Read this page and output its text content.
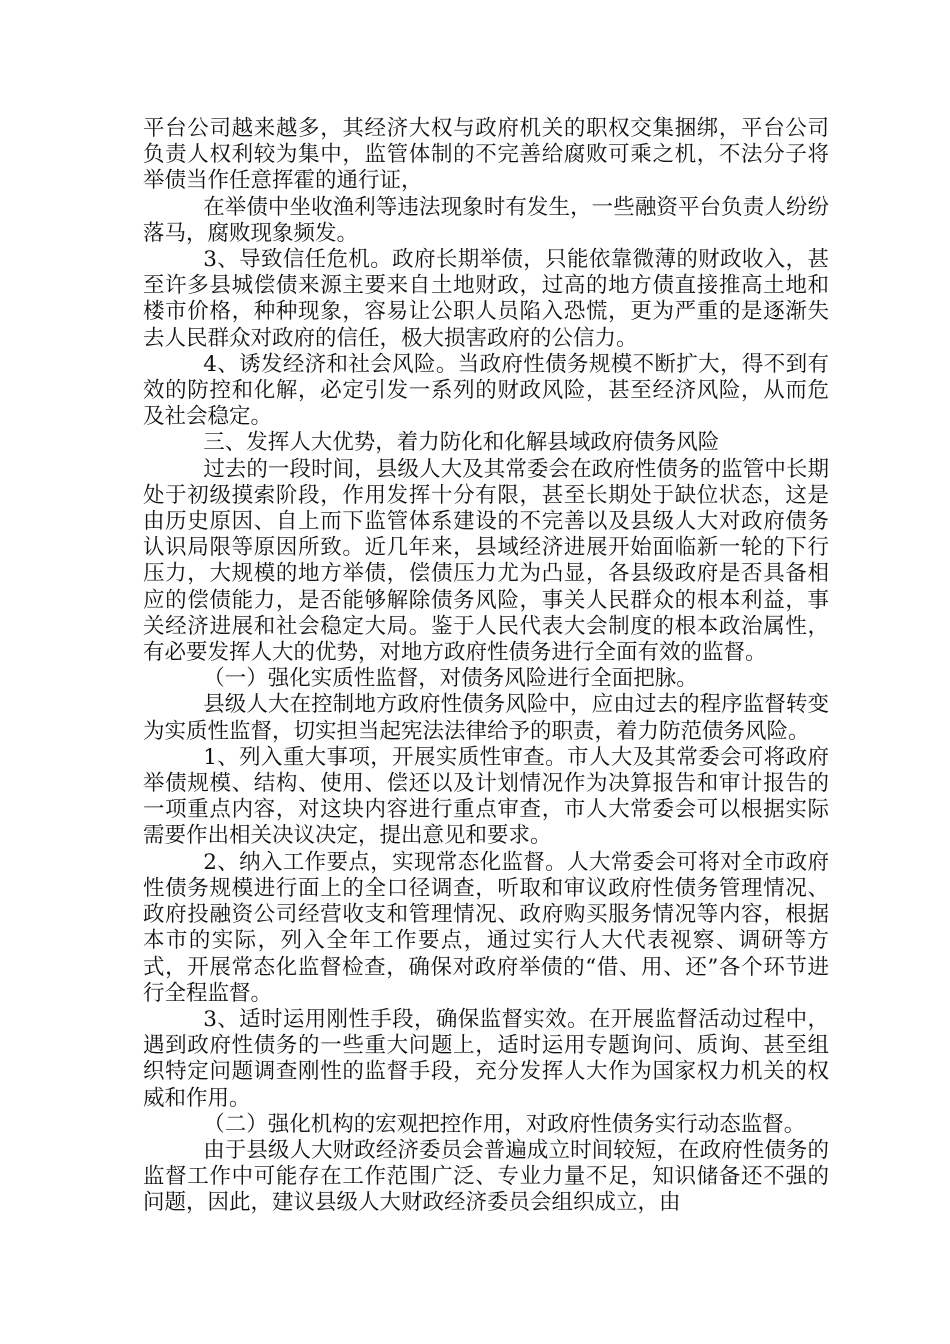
平台公司越来越多，其经济大权与政府机关的职权交集捆绑，平台公司负责人权利较为集中，监管体制的不完善给腐败可乘之机，不法分子将举债当作任意挥霍的通行证，

在举债中坐收渔利等违法现象时有发生，一些融资平台负责人纷纷落马，腐败现象频发。

3、导致信任危机。政府长期举债，只能依靠微薄的财政收入，甚至许多县城偿债来源主要来自土地财政，过高的地方债直接推高土地和楼市价格，种种现象，容易让公职人员陷入恐慌，更为严重的是逐渐失去人民群众对政府的信任，极大损害政府的公信力。

4、诱发经济和社会风险。当政府性债务规模不断扩大，得不到有效的防控和化解，必定引发一系列的财政风险，甚至经济风险，从而危及社会稳定。

三、发挥人大优势，着力防化和化解县域政府债务风险

过去的一段时间，县级人大及其常委会在政府性债务的监管中长期处于初级摸索阶段，作用发挥十分有限，甚至长期处于缺位状态，这是由历史原因、自上而下监管体系建设的不完善以及县级人大对政府债务认识局限等原因所致。近几年来，县域经济进展开始面临新一轮的下行压力，大规模的地方举债，偿债压力尤为凸显，各县级政府是否具备相应的偿债能力，是否能够解除债务风险，事关人民群众的根本利益，事关经济进展和社会稳定大局。鉴于人民代表大会制度的根本政治属性，有必要发挥人大的优势，对地方政府性债务进行全面有效的监督。

（一）强化实质性监督，对债务风险进行全面把脉。

县级人大在控制地方政府性债务风险中，应由过去的程序监督转变为实质性监督，切实担当起宪法法律给予的职责，着力防范债务风险。

1、列入重大事项，开展实质性审查。市人大及其常委会可将政府举债规模、结构、使用、偿还以及计划情况作为决算报告和审计报告的一项重点内容，对这块内容进行重点审查，市人大常委会可以根据实际需要作出相关决议决定，提出意见和要求。

2、纳入工作要点，实现常态化监督。人大常委会可将对全市政府性债务规模进行面上的全口径调查，听取和审议政府性债务管理情况、政府投融资公司经营收支和管理情况、政府购买服务情况等内容，根据本市的实际，列入全年工作要点，通过实行人大代表视察、调研等方式，开展常态化监督检查，确保对政府举债的“借、用、还”各个环节进行全程监督。

3、适时运用刚性手段，确保监督实效。在开展监督活动过程中，遇到政府性债务的一些重大问题上，适时运用专题询问、质询、甚至组织特定问题调查刚性的监督手段，充分发挥人大作为国家权力机关的权威和作用。

（二）强化机构的宏观把控作用，对政府性债务实行动态监督。

由于县级人大财政经济委员会普遍成立时间较短，在政府性债务的监督工作中可能存在工作范围广泛、专业力量不足，知识储备还不强的问题，因此，建议县级人大财政经济委员会组织成立，由
